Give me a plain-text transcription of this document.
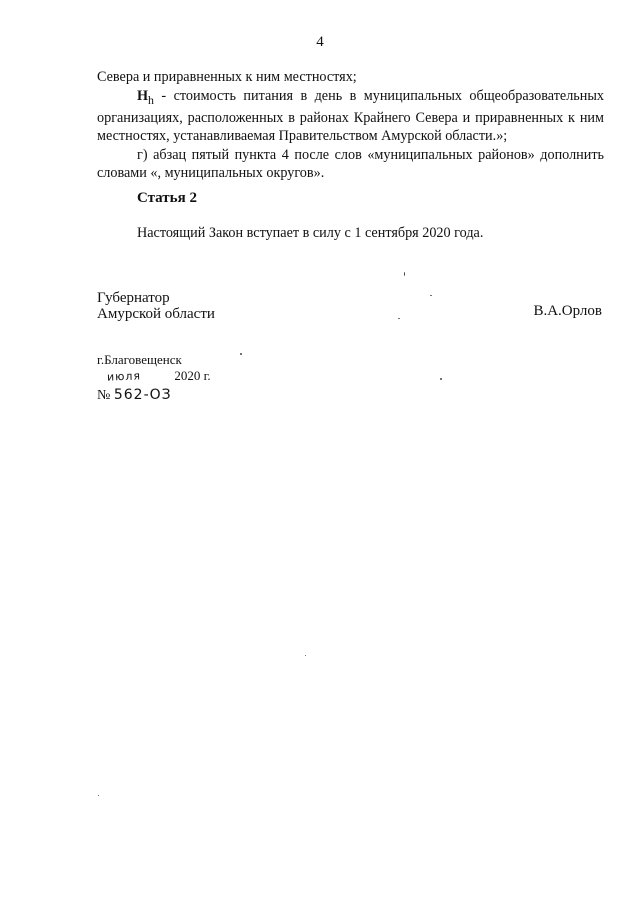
4

Севера и приравненных к ним местностях;

$H_h$ - стоимость питания в день в муниципальных общеобразовательных организациях, расположенных в районах Крайнего Севера и приравненных к ним местностях, устанавливаемая Правительством Амурской области.»;

г) абзац пятый пункта 4 после слов «муниципальных районов» дополнить словами «, муниципальных округов».

Статья 2
Настоящий Закон вступает в силу с 1 сентября 2020 года.
Губернатор
Амурской области	В.А.Орлов
г.Благовещенск
июля	2020 г.
№ 562-ОЗ
